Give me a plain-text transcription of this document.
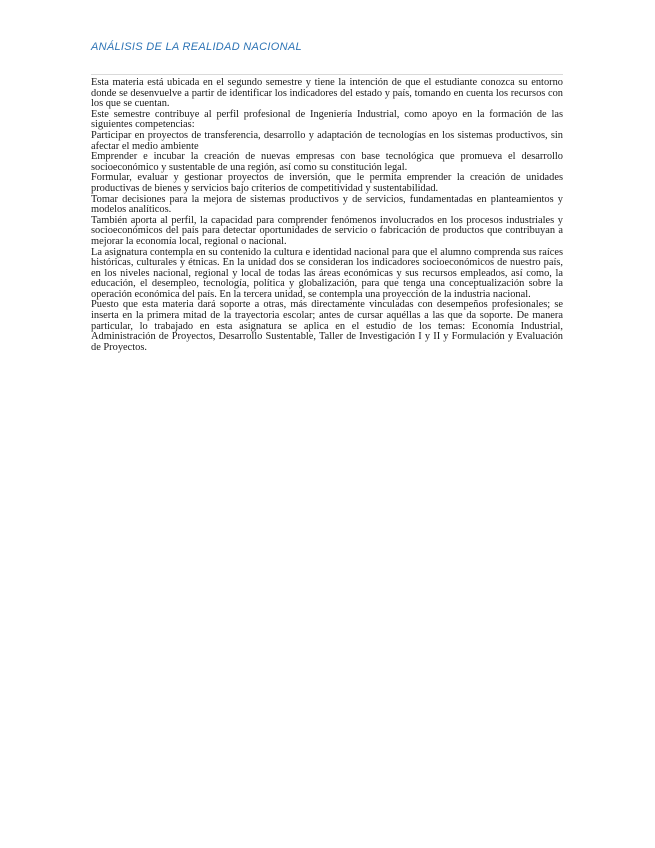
ANÁLISIS DE LA REALIDAD NACIONAL

Esta materia está ubicada en el segundo semestre y tiene la intención de que el estudiante conozca su entorno donde se desenvuelve a partir de identificar los indicadores del estado y país, tomando en cuenta los recursos con los que se cuentan.

Este semestre contribuye al perfil profesional de Ingeniería Industrial, como apoyo en la formación de las siguientes competencias:

Participar en proyectos de transferencia, desarrollo y adaptación de tecnologías en los sistemas productivos, sin afectar el medio ambiente

Emprender e incubar la creación de nuevas empresas con base tecnológica que promueva el desarrollo socioeconómico y sustentable de una región, así como su constitución legal.

Formular, evaluar y gestionar proyectos de inversión, que le permita emprender la creación de unidades productivas de bienes y servicios bajo criterios de competitividad y sustentabilidad.

Tomar decisiones para la mejora de sistemas productivos y de servicios, fundamentadas en planteamientos y modelos analíticos.

También aporta al perfil, la capacidad para comprender fenómenos involucrados en los procesos industriales y socioeconómicos del país para detectar oportunidades de servicio o fabricación de productos que contribuyan a mejorar la economía local, regional o nacional.

La asignatura contempla en su contenido la cultura e identidad nacional para que el alumno comprenda sus raíces históricas, culturales y étnicas. En la unidad dos se consideran los indicadores socioeconómicos de nuestro país, en los niveles nacional, regional y local de todas las áreas económicas y sus recursos empleados, así como, la educación, el desempleo, tecnología, política y globalización, para que tenga una conceptualización sobre la operación económica del país. En la tercera unidad, se contempla una proyección de la industria nacional.

Puesto que esta materia dará soporte a otras, más directamente vinculadas con desempeños profesionales; se inserta en la primera mitad de la trayectoria escolar; antes de cursar aquéllas a las que da soporte. De manera particular, lo trabajado en esta asignatura se aplica en el estudio de los temas: Economía Industrial, Administración de Proyectos, Desarrollo Sustentable, Taller de Investigación I y II y Formulación y Evaluación de Proyectos.
